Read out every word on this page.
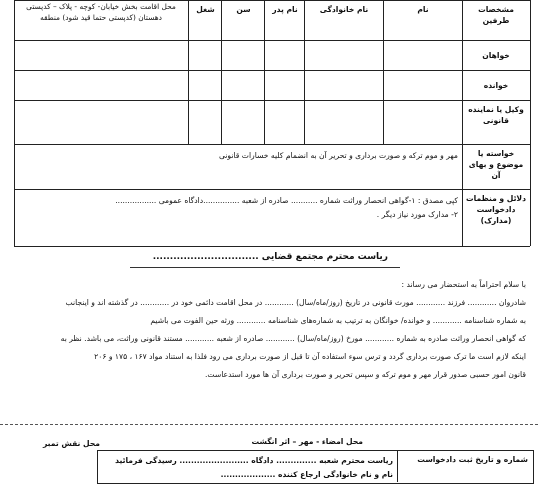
مشخصات طرفین
نام
نام خانوادگی
نام پدر
سن
شغل
محل اقامت بخش خیابان- کوچه - پلاک – کدپستی دهستان (کدپستی حتما قید شود) منطقه
خواهان
خوانده
وکیل یا نماینده قانونی
خواسته یا موضوع و بهای آن
مهر و موم ترکه و صورت برداری و تحریر آن به انضمام کلیه خسارات قانونی
دلائل و منظمات دادخواست (مدارک)
کپی مصدق : ۱-گواهی انحصار وراثت شماره ........... صادره از شعبه ...............دادگاه عمومی .................
۲- مدارک مورد نیاز دیگر .
ریاست محترم مجتمع قضایی ...............................
با سلام احتراماً به استحضار می رساند :
شادروان ............ فرزند ............ مورث قانونی در تاریخ (روز/ماه/سال) ............ در محل اقامت دائمی خود در ............ در گذشته اند و اینجانب
به شماره شناسنامه ............ و خوانده/ خوانگان به ترتیب به شماره‌های شناسنامه ............ ورثه حین الفوت می باشیم
که گواهی انحصار وراثت صادره به شماره ............ مورخ (روز/ماه/سال) ............ صادره از شعبه ............ مستند قانونی وراثت، می باشد. نظر به
اینکه لازم است ما ترک صورت برداری گردد و ترس سوء استفاده آن تا قبل از صورت برداری می رود فلذا به استناد مواد ۱۶۷ ، ۱۷۵ و ۲۰۶
قانون امور حسبی صدور قرار مهر و موم ترکه و سپس تحریر و صورت برداری آن ها مورد استدعاست.
محل امضاء - مهر – اثر انگشت
محل نقش تمبر
شماره و تاریخ ثبت دادخواست
ریاست محترم شعبه .............. دادگاه ........................ رسیدگی فرمائید
نام و نام خانوادگی ارجاع کننده ...................
